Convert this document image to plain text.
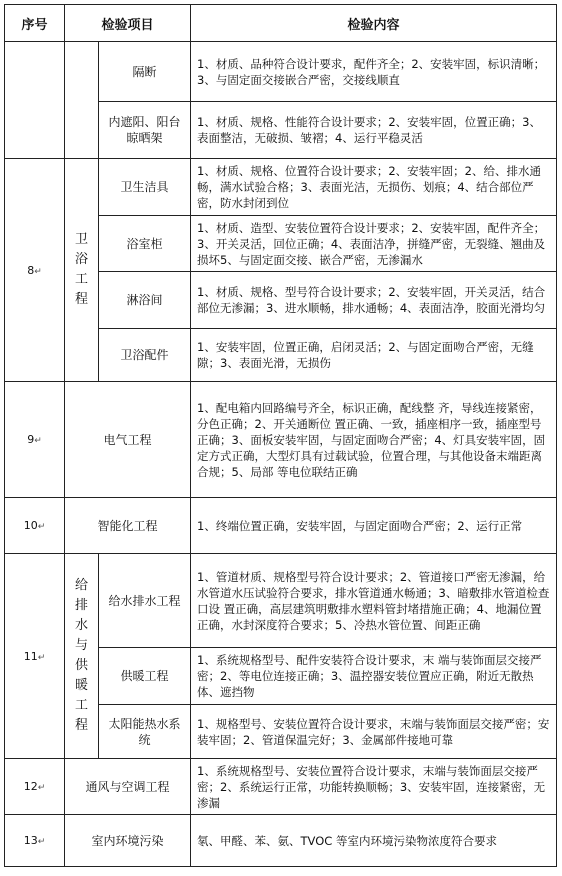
序号	检验项目		检验内容
		隔断	1、材质、品种符合设计要求，配件齐全；2、安装牢固，标识清晰；3、与固定面交接嵌合严密，交接线顺直
		内遮阳、阳台晾晒架	1、材质、规格、性能符合设计要求；2、安装牢固，位置正确；3、表面整洁，无破损、皱褶；4、运行平稳灵活
8↵	卫浴工程	卫生洁具	1、材质、规格、位置符合设计要求；2、安装牢固；2、给、排水通畅，满水试验合格；3、表面光洁，无损伤、划痕；4、结合部位严密，防水封闭到位
		浴室柜	1、材质、造型、安装位置符合设计要求；2、安装牢固，配件齐全；3、开关灵活，回位正确；4、表面洁净，拼缝严密，无裂缝、翘曲及损坏5、与固定面交接、嵌合严密，无渗漏水
		淋浴间	1、材质、规格、型号符合设计要求；2、安装牢固，开关灵活，结合部位无渗漏；3、进水顺畅，排水通畅；4、表面洁净，胶面光滑均匀
		卫浴配件	1、安装牢固，位置正确，启闭灵活；2、与固定面吻合严密，无缝隙；3、表面光滑，无损伤
9↵	电气工程		1、配电箱内回路编号齐全，标识正确，配线整 齐，导线连接紧密，分色正确；2、开关通断位 置正确、一致，插座相序一致，插座型号正确；3、面板安装牢固，与固定面吻合严密；4、灯具安装牢固，固定方式正确，大型灯具有过载试验，位置合理，与其他设备末端距离合规；5、局部 等电位联结正确
10↵	智能化工程		1、终端位置正确，安装牢固，与固定面吻合严密；2、运行正常
11↵	给排水与供暖工程	给水排水工程	1、管道材质、规格型号符合设计要求；2、管道接口严密无渗漏，给水管道水压试验符合要求，排水管道通水畅通；3、暗敷排水管道检查口设 置正确，高层建筑明敷排水塑料管封堵措施正确；4、地漏位置正确，水封深度符合要求；5、冷热水管位置、间距正确
		供暖工程	1、系统规格型号、配件安装符合设计要求，末 端与装饰面层交接严密；2、等电位连接正确；3、温控器安装位置应正确，附近无散热体、遮挡物
		太阳能热水系统	1、规格型号、安装位置符合设计要求，末端与装饰面层交接严密；安装牢固；2、管道保温完好；3、金属部件接地可靠
12↵	通风与空调工程		1、系统规格型号、安装位置符合设计要求，末端与装饰面层交接严密；2、系统运行正常，功能转换顺畅；3、安装牢固，连接紧密，无渗漏
13↵	室内环境污染		氡、甲醛、苯、氨、TVOC 等室内环境污染物浓度符合要求
